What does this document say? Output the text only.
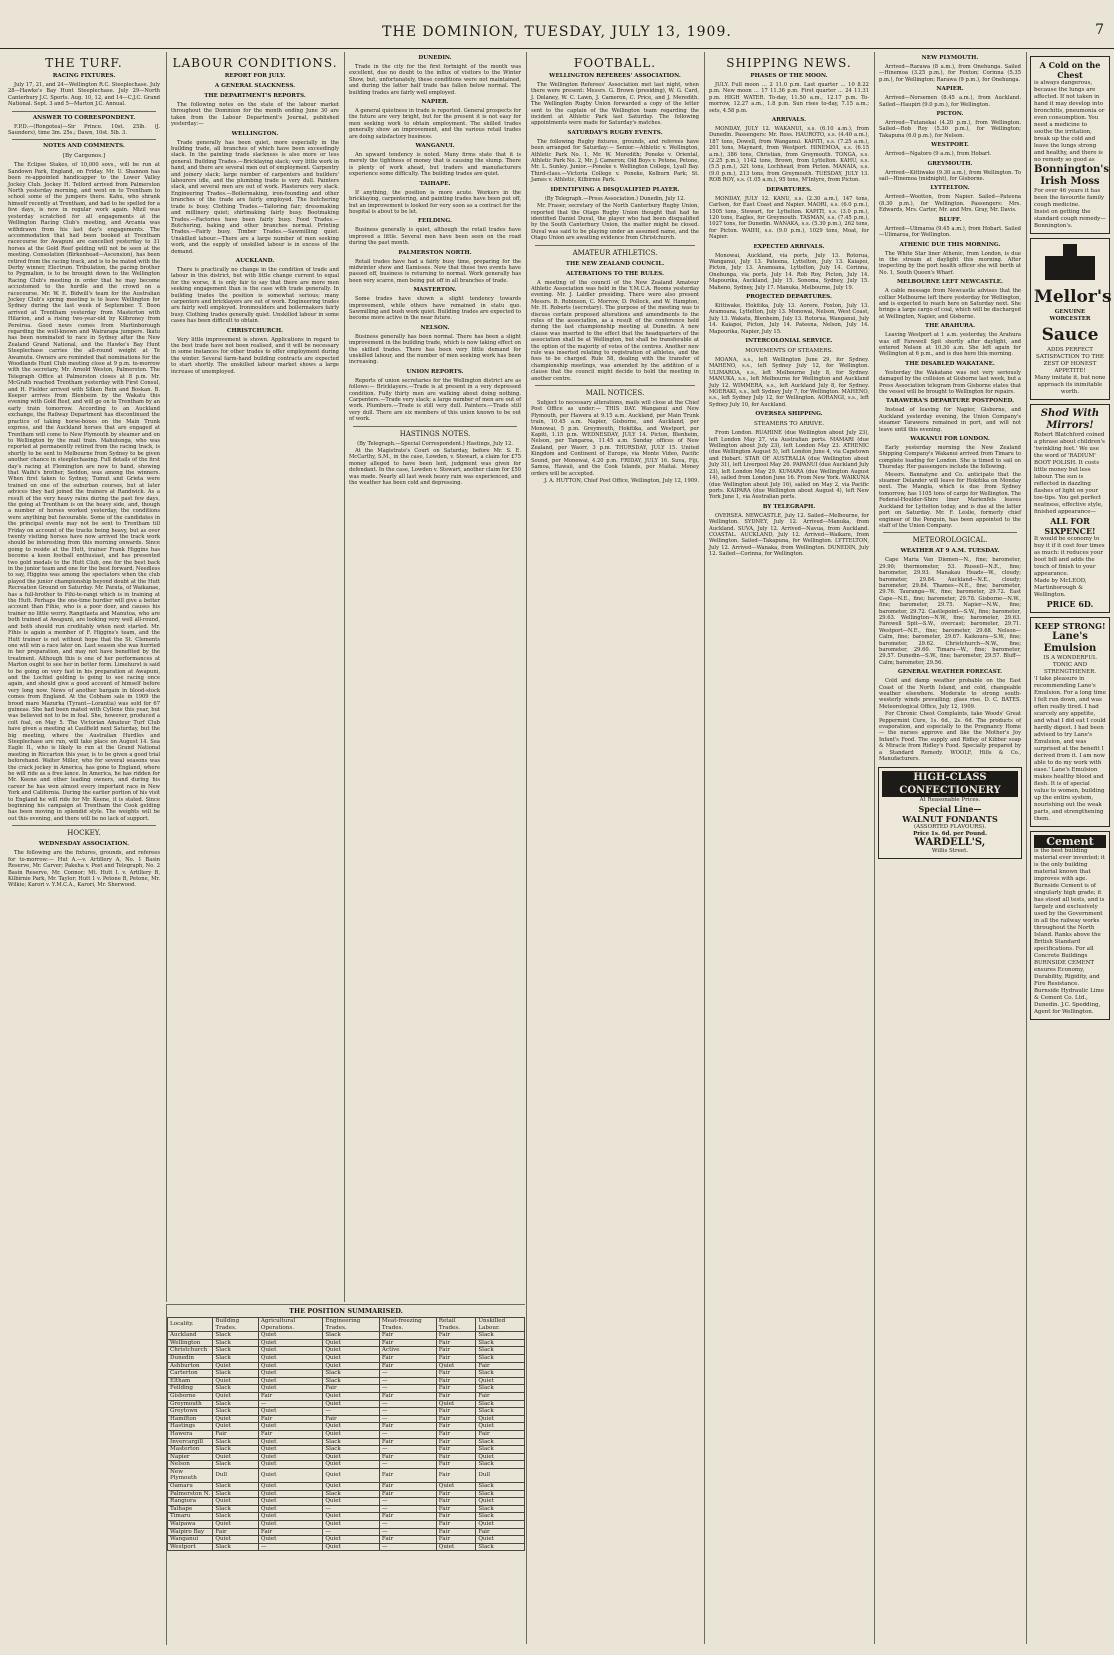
THE DOMINION, TUESDAY, JULY 13, 1909.	7
THE TURF.
RACING FIXTURES.
July 17, 21, and 24—Wellington R.C. Steeplechase. July 28—Hawke's Bay Hunt Steeplechase. July 29—North Canterbury J.C. Sports. Aug. 10, 12, and 14—C.J.C. Grand National. Sept. 3 and 5—Marton J.C. Annual.
ANSWER TO CORRESPONDENT.
F.P.D.—(Rongotea)—Sir Prince. 10st. 25lb. (J. Saunders), time 3m. 25s.; Dawn, 10st. 5lb. 3.
NOTES AND COMMENTS.
[By Cargonos.]
The Eclipse Stakes, of 10,000 sovs., will be run at Sandown Park, England, on Friday. Mr. U. Shannon has been re-appointed handicapper to the Lower Valley Jockey Club. Jockey H. Telford arrived from Palmerston North yesterday morning, and went on to Trentham to school some of the jumpers there. Kahu, who shrank himself recently at Trentham, and had to be spelled for a few days, is now in regular work again. Mizil was yesterday scratched for all engagements at the Wellington Racing Club's meeting, and Arcania was withdrawn from his last day's engagements. The accommodation that had been booked at Trentham racecourse for Awapuni are cancelled yesterday to 31 horses at the Gold Reef gelding will not be seen at the meeting. Consolation (Birkenhead—Ascension), has been retired from the racing track, and is to be mated with the Derby winner, Electrum. Tribulation, the pacing brother to Pygmalion, is to be brought down to the Wellington Racing Club's meeting in order that he may become accustomed to the hurdle and the crowd on a racecourse. Mr. W. E. Bidwill's team for the Australian Jockey Club's spring meeting is to leave Wellington for Sydney during the last week of September. T. Boon arrived at Trentham yesterday from Masterton with Hilarion, and a rising two-year-old by Kilbroney from Pereiroa. Good news comes from Martinborough regarding the well-known and Wairarapa jumpers. Ikatu has been nominated to race in Sydney after the New Zealand Grand National, and the Hawke's Bay Hunt Steeplechase carries the all-round weight at Te Awamutu. Owners are reminded that nominations for the Woodlands Hunt Club meeting close at 9 p.m. to-morrow with the secretary, Mr. Arnold Weston, Palmerston. The Telegraph Office at Palmerston closes at 8 p.m. Mr. McGrath reached Trentham yesterday with First Consul, and H. Fielder arrived with Silken Rein and Boskan. B. Keeper arrives from Blenheim by the Wakatu this evening with Gold Reef, and will go on to Trentham by an early train tomorrow. According to an Auckland exchange, the Railway Department has discontinued the practice of taking horse-boxes on the Main Trunk express, and the Auckland horses that are engaged at Trentham will come to New Plymouth by steamer and on to Wellington by the mail train. Mahutonga, who was reported at permanently retired from the racing track, is shortly to be sent to Melbourne from Sydney to be given another chance in steeplechasing. Full details of the first day's racing at Flemington are now to hand, showing that Waihi's brother, Seddon, was among the winners. When first taken to Sydney, Tumut and Grieta were trained on one of the suburban courses, but at later advices they had joined the trainers at Randwick. As a result of the very heavy rains during the past few days, the going at Trentham is on the heavy side, and, though a number of horses worked yesterday, the conditions were anything but favourable. Some of the candidates in the principal events may not be sent to Trentham till Friday on account of the tracks being heavy, but as over twenty visiting horses have now arrived the track work should be interesting from this morning onwards. Since going to reside at the Hutt, trainer Frank Higgins has become a keen football enthusiast, and has presented two gold medals to the Hutt Club, one for the best back in the junior team and one for the best forward. Needless to say, Higgins was among the spectators when the club played the junior championship beyond doubt at the Hutt Recreation Ground on Saturday. Mr. Parata, of Waikanae, has a full-brother to Fihi-te-rangi which is in training at the Hutt. Perhaps the one-time hurdler will give a better account than Fihie, who is a poor doer, and causes his trainer no little worry. Rangitaeta and Manutoa, who are both trained at Awapuni, are looking very well all-round, and both should run creditably when next started. Mr. Fihis is again a member of F. Higgins's team, and the Hutt trainer is not without hope that the St. Clements one will win a race later on. Last season she was hurried in her preparation, and may not have benefited by the treatment. Although this is one of her performances at Marton ought to see her in better form. Limehurst is said to be going on very fast in his preparation at Awapuni, and the Lochiel gelding is going to see racing once again, and should give a good account of himself before very long now. News of another bargain in blood-stock comes from England. At the Cobham sale in 1909 the brood mare Mazurka (Tyrant—Lorantia) was sold for 67 guineas. She had been mated with Cyllene this year, but was believed not to be in foal. She, however, produced a colt foal, on May 5. The Victorian Amateur Turf Club have given a meeting at Caulfield next Saturday, but the big meeting, where the Australian Hurdles and Steeplechase are run, will take place on August 14. Sea Eagle II., who is likely to run at the Grand National meeting in Riccarton this year, is to be given a good trial beforehand. Walter Miller, who for several seasons was the crack jockey in America, has gone to England, where he will ride as a free lance. In America, he has ridden for Mr. Keene and other leading owners, and during his career he has won almost every important race in New York and California. During the earlier portion of his visit to England he will ride for Mr. Keene, it is stated. Since beginning his campaign at Trentham the Cook gelding has been moving in splendid style. The weights will be out this evening, and there will be no lack of support.
HOCKEY.
WEDNESDAY ASSOCIATION.
The following are the fixtures, grounds, and referees for to-morrow:— Hut A.—v. Artillery A, No. 1 Basin Reserve, Mr. Carver; Pakeha v. Post and Telegraph, No. 2 Basin Reserve, Mr. Connor; Mt. Hutt I. v. Artillery B, Kilbirnie Park, Mr. Taylor; Hutt 1 v. Petone B, Petone, Mr. Wilkie; Karori v. Y.M.C.A., Karori, Mr. Sherwood.
LABOUR CONDITIONS.
REPORT FOR JULY.
A GENERAL SLACKNESS.
THE DEPARTMENT'S REPORTS.
The following notes on the state of the labour market throughout the Dominion for the month ending June 30 are taken from the Labour Department's Journal, published yesterday:—
WELLINGTON.
Trade generally has been quiet, more especially in the building trade, all branches of which have been exceedingly slack. In the painting trade slackness is also more or less general. Building Trades.—Bricklaying slack; very little work in hand, and there are several men out of employment. Carpentry and joinery slack; large number of carpenters and builders' labourers idle, and the plumbing trade is very dull. Painters slack, and several men are out of work. Plasterers very slack. Engineering Trades.—Boilermaking, iron-founding and other branches of the trade are fairly employed. The butchering trade is busy. Clothing Trades.—Tailoring fair; dressmaking and millinery quiet; shirtmaking fairly busy. Bootmaking Trades.—Factories have been fairly busy. Food Trades.—Butchering, baking and other branches normal. Printing Trades.—Fairly busy. Timber Trades.—Sawmilling quiet. Unskilled labour.—There are a large number of men seeking work, and the supply of unskilled labour is in excess of the demand.
AUCKLAND.
There is practically no change in the condition of trade and labour in this district, but with little change current to equal for the worse, it is only fair to say that there are more men seeking engagement than is the case with trade generally. In building trades the position is somewhat serious; many carpenters and bricklayers are out of work. Engineering trades are fairly well employed. Ironmoulders and boilermakers fairly busy. Clothing trades generally quiet. Unskilled labour in some cases has been difficult to obtain.
CHRISTCHURCH.
Very little improvement is shown. Applications in regard to the best trade have not been realised, and it will be necessary in some instances for other trades to offer employment during the winter. Several farm-hand building contracts are expected to start shortly. The unskilled labour market shows a large increase of unemployed.
DUNEDIN.
Trade in the city for the first fortnight of the month was excellent, due no doubt to the influx of visitors to the Winter Show, but, unfortunately, these conditions were not maintained, and during the latter half trade has fallen below normal. The building trades are fairly well employed.
NAPIER.
A general quietness in trade is reported. General prospects for the future are very bright, but for the present it is not easy for men seeking work to obtain employment. The skilled trades generally show an improvement, and the various retail trades are doing satisfactory business.
WANGANUI.
An upward tendency is noted. Many firms state that it is merely the tightness of money that is causing the slump. There is plenty of work ahead, but traders and manufacturers experience some difficulty. The building trades are quiet.
TAIHAPE.
If anything, the position is more acute. Workers in the bricklaying, carpentering, and painting trades have been put off, but an improvement is looked for very soon as a contract for the hospital is about to be let.
FEILDING.
Business generally is quiet, although the retail trades have improved a little. Several men have been seen on the road during the past month.
PALMERSTON NORTH.
Retail trades have had a fairly busy time, preparing for the midwinter show and Ilamisses. Now that these two events have passed off, business is returning to normal. Work generally has been very scarce, men being put off in all branches of trade.
MASTERTON.
Some trades have shown a slight tendency towards improvement, while others have remained in statu quo. Sawmilling and bush work quiet. Building trades are expected to become more active in the near future.
NELSON.
Business generally has been normal. There has been a slight improvement in the building trade, which is now taking effect on the skilled trades. There has been very little demand for unskilled labour, and the number of men seeking work has been increasing.
UNION REPORTS.
Reports of union secretaries for the Wellington district are as follows:— Bricklayers.—Trade is at present in a very depressed condition. Fully thirty men are walking about doing nothing. Carpenters.—Trade very slack; a large number of men are out of work. Plumbers.—Trade is still very dull. Painters.—Trade still very dull. There are six members of this union known to be out of work.
HASTINGS NOTES.
(By Telegraph.—Special Correspondent.) Hastings, July 12.
At the Magistrate's Court on Saturday, before Mr. S. E. McCarthy, S.M., in the case, Lowden, v. Stewart, a claim for £75 money alleged to have been lent, judgment was given for defendant. In the case, Lowden v. Stewart, another claim for £50 was made. Nearly all last week heavy rain was experienced, and the weather has been cold and depressing.
THE POSITION SUMMARISED.
Locality.	Building Trades.	Agricultural Operations.	Engineering Trades.	Meat-freezing Trades.	Retail Trades.	Unskilled Labour.
Auckland	Slack	Quiet	Slack	Fair	Fair	Slack
Wellington	Slack	Quiet	Quiet	Fair	Fair	Slack
Christchurch	Slack	Quiet	Quiet	Active	Fair	Slack
Dunedin	Slack	Quiet	Quiet	Fair	Fair	Slack
Ashburton	Quiet	Quiet	Quiet	Fair	Quiet	Fair
Carterton	Slack	Quiet	Slack	—	Fair	Slack
Eltham	Quiet	Quiet	Slack	—	Fair	Quiet
Feilding	Slack	Quiet	Fair	—	Fair	Slack
Gisborne	Quiet	Fair	Quiet	Fair	Fair	Fair
Greymouth	Slack	—	Quiet	—	Quiet	Slack
Greytown	Slack	Quiet	—	—	Fair	Slack
Hamilton	Quiet	Fair	Fair	—	Fair	Quiet
Hastings	Quiet	Quiet	Quiet	Fair	Fair	Quiet
Hawera	Fair	Fair	Quiet	—	Fair	Fair
Invercargill	Slack	Quiet	Slack	Fair	Fair	Slack
Masterton	Slack	Quiet	Slack	—	Fair	Slack
Napier	Quiet	Quiet	Quiet	Fair	Fair	Quiet
Nelson	Slack	Quiet	Quiet	—	Fair	Slack
New Plymouth	Dull	Quiet	Quiet	Fair	Fair	Dull
Oamaru	Slack	Quiet	Quiet	Fair	Quiet	Slack
Palmerston N.	Slack	Quiet	Slack	Fair	Fair	Slack
Rangiora	Quiet	Quiet	Quiet	—	Fair	Quiet
Taihape	Slack	Quiet	—	—	Fair	Slack
Timaru	Slack	Quiet	Quiet	Fair	Fair	Slack
Waipawa	Quiet	Quiet	Quiet	—	Fair	Quiet
Waipiro Bay	Fair	Fair	—	—	Fair	Fair
Wanganui	Quiet	Quiet	Quiet	Fair	Fair	Quiet
Westport	Slack	—	Quiet	—	Quiet	Slack
FOOTBALL.
WELLINGTON REFEREES' ASSOCIATION.
The Wellington Referees' Association met last night, when there were present: Messrs. G. Brown (presiding), W. G. Card, J. Delaney, W. C. Lawn, J. Cameron, C. Price, and J. Meredith. The Wellington Rugby Union forwarded a copy of the letter sent to the captain of the Wellington team regarding the incident at Athletic Park last Saturday. The following appointments were made for Saturday's matches.
SATURDAY'S RUGBY EVENTS.
The following Rugby fixtures, grounds, and referees have been arranged for Saturday:— Senior.—Athletic v. Wellington, Athletic Park No. 1, Mr. W. Meredith; Poneke v. Oriental, Athletic Park No. 2, Mr. J. Cameron; Old Boys v. Petone, Petone, Mr. L. Sunley. Junior.—Poneke v. Wellington College, Lyall Bay. Third-class.—Victoria College v. Poneke, Kelburn Park; St. James v. Athletic, Kilbirnie Park.
IDENTIFYING A DISQUALIFIED PLAYER.
(By Telegraph.—Press Association.) Dunedin, July 12.
Mr. Fraser, secretary of the North Canterbury Rugby Union, reported that the Otago Rugby Union thought that had he identified Daniel Duval, the player who had been disqualified by the South Canterbury Union, the matter might be closed. Duval was said to be playing under an assumed name, and the Otago Union are awaiting evidence from Christchurch.
AMATEUR ATHLETICS.
THE NEW ZEALAND COUNCIL.
ALTERATIONS TO THE RULES.
A meeting of the council of the New Zealand Amateur Athletic Association was held in the Y.M.C.A. Rooms yesterday evening. Mr. J. Laidler presiding. There were also present Messrs. B. Robinson, C. Morrow, D. Pollock, and W. Hampton, Mr. H. Roberts (secretary). The purpose of the meeting was to discuss certain proposed alterations and amendments to the rules of the association, as a result of the conference held during the last championship meeting at Dunedin. A new clause was inserted to the effect that the headquarters of the association shall be at Wellington, but shall be transferable at the option of the majority of votes of the centres. Another new rule was inserted relating to registration of athletes, and the fees to be charged. Rule 58, dealing with the transfer of championship meetings, was amended by the addition of a clause that the council might decide to hold the meeting in another centre.
MAIL NOTICES.
Subject to necessary alterations, mails will close at the Chief Post Office as under:— THIS DAY. Wanganui and New Plymouth, per Hawera at 9.15 a.m. Auckland, per Main Trunk train, 10.45 a.m. Napier, Gisborne, and Auckland, per Monowai, 5 p.m. Greymouth, Hokitika, and Westport, per Kapiti, 1.15 p.m. WEDNESDAY, JULY 14. Picton, Blenheim, Nelson, per Tangaroa, 11.45 a.m. Sunday offices of New Zealand, per Waorr, 3 p.m. THURSDAY, JULY 15. United Kingdom and Continent of Europe, via Monte Video, Pacific Sound, per Monowai, 4.20 p.m. FRIDAY, JULY 16. Suva, Fiji, Samoa, Hawaii, and the Cook Islands, per Maitai. Money orders will be accepted.
J. A. HUTTON, Chief Post Office, Wellington, July 12, 1909.
SHIPPING NEWS.
PHASES OF THE MOON.
JULY. Full moon ... 2 11.0 p.m. Last quarter ... 10 8.22 p.m. New moon ... 17 11.36 p.m. First quarter ... 24 11.31 p.m. HIGH WATER. To-day, 11.50 a.m., 12.17 p.m. To-morrow, 12.27 a.m., 1.8 p.m. Sun rises to-day, 7.15 a.m.; sets, 4.58 p.m.
ARRIVALS.
MONDAY, JULY 12. WAKANUI, s.s. (6.10 a.m.), from Dunedin. Passengers: Mr. Ross. HAUROTO, s.s. (4.40 a.m.), 187 tons, Dowell, from Wanganui. KAPITI, s.s. (7.25 a.m.), 201 tons, Maynard, from Westport. HINEMOA, s.s. (6.15 a.m.), 386 tons, Christian, from Greymouth. TONGA, s.s. (2.25 p.m.), 1142 tons, Brown, from Lyttelton. KAHU, s.s. (5.5 p.m.), 321 tons, Lochhead, from Picton. MANAIA, s.s. (9.0 p.m.), 213 tons, from Greymouth. TUESDAY, JULY 13. ROB ROY, s.s. (1.05 a.m.), 95 tons, M'Intyre, from Picton.
DEPARTURES.
MONDAY, JULY 12. KANU, s.s. (2.30 a.m.), 147 tons, Carlson, for East Coast and Napier. MAORI, s.s. (6.0 p.m.), 1505 tons, Stewart, for Lyttelton. KAPITI, s.s. (3.0 p.m.), 120 tons, Eagles, for Greymouth. TASMAN, s.s. (7.45 p.m.), 1027 tons, for Dunedin. WANAKA, s.s. (5.30 p.m.), 262 tons, for Picton. WAIHI, s.s. (9.0 p.m.), 1029 tons, Moat, for Napier.
EXPECTED ARRIVALS.
Monowai, Auckland, via ports, July 13. Rotorua, Wanganui, July 13. Pateena, Lyttelton, July 13. Kaiapoi, Picton, July 13. Aramoana, Lyttelton, July 14. Corinna, Onehunga, via ports, July 14. Rob Roy, Picton, July 14. Mapourika, Auckland, July 15. Sonoma, Sydney, July 15. Maheno, Sydney, July 17. Manuka, Melbourne, July 19.
PROJECTED DEPARTURES.
Kittiwake, Hokitika, July 13. Aorere, Foxton, July 13. Aramoana, Lyttelton, July 13. Monowai, Nelson, West Coast, July 13. Wakatu, Blenheim, July 13. Rotorua, Wanganui, July 14. Kaiapoi, Picton, July 14. Pateena, Nelson, July 14. Mapourika, Napier, July 15.
INTERCOLONIAL SERVICE.
MOVEMENTS OF STEAMERS.
MOANA, s.s., left Wellington June 29, for Sydney. MAHENO, s.s., left Sydney July 12, for Wellington. ULIMAROA, s.s., left Melbourne July 8, for Sydney. MANUKA, s.s., left Melbourne for Wellington and Auckland July 12. WIMMERA, s.s., left Auckland July 8, for Sydney. MOERAKI, s.s., left Sydney July 7, for Wellington. MAHENO, s.s., left Sydney July 12, for Wellington. AORANGI, s.s., left Sydney July 10, for Auckland.
OVERSEA SHIPPING.
STEAMERS TO ARRIVE.
From London. RUAHINE (due Wellington about July 23), left London May 27, via Australian ports. MAMARI (due Wellington about July 23), left London May 23. ATHENIC (due Wellington August 5), left London June 4, via Capetown and Hobart. STAR OF AUSTRALIA (due Wellington about July 31), left Liverpool May 26. PAPANUI (due Auckland July 23), left London May 29. KUMARA (due Wellington August 14), sailed from London June 16. From New York. WAIKUNA (due Wellington about July 16), sailed on May 2, via Pacific ports. KAIPARA (due Wellington about August 4), left New York June 1, via Australian ports.
BY TELEGRAPH.
OVERSEA. NEWCASTLE, July 12. Sailed—Melbourne, for Wellington. SYDNEY, July 12. Arrived—Manuka, from Auckland. SUVA, July 12. Arrived—Navua, from Auckland. COASTAL. AUCKLAND, July 12. Arrived—Waikare, from Wellington. Sailed—Takapuna, for Wellington. LYTTELTON, July 12. Arrived—Wanaka, from Wellington. DUNEDIN, July 12. Sailed—Corinna, for Wellington.
NEW PLYMOUTH.
Arrived—Rarawa (8 a.m.), from Onehunga. Sailed—Hinemoa (3.25 p.m.), for Foxton; Corinna (5.35 p.m.), for Wellington; Rarawa (9 p.m.), for Onehunga.
NAPIER.
Arrived—Norsemen (8.45 a.m.), from Auckland. Sailed—Haupiri (9.0 p.m.), for Wellington.
PICTON.
Arrived—Tutanekai (4.20 p.m.), from Wellington. Sailed—Rob Roy (5.30 p.m.), for Wellington; Takapuna (6.0 p.m.), for Nelson.
WESTPORT.
Arrived—Ngatoro (9 a.m.), from Hobart.
GREYMOUTH.
Arrived—Kittiwake (9.30 a.m.), from Wellington. To sail—Hinemoa (midnight), for Gisborne.
LYTTELTON.
Arrived—Wootton, from Napier. Sailed—Pateena (8.30 p.m.), for Wellington. Passengers: Mrs. Edwards, Mrs. Carter, Mr. and Mrs. Gray, Mr. Davis.
BLUFF.
Arrived—Ulimaroa (9.45 a.m.), from Hobart. Sailed—Ulimaroa, for Wellington.
ATHENIC DUE THIS MORNING.
The White Star liner Athenic, from London, is due in the stream at daylight this morning. After inspecting by the port health officer she will berth at No. 1, South Queen's Wharf.
MELBOURNE LEFT NEWCASTLE.
A cable message from Newcastle advises that the collier Melbourne left there yesterday for Wellington, and is expected to reach here on Saturday next. She brings a large cargo of coal, which will be discharged at Wellington, Napier, and Gisborne.
THE ARAHURA.
Leaving Westport at 1 a.m. yesterday, the Arahura was off Farewell Spit shortly after daylight, and entered Nelson at 10.30 a.m. She left again for Wellington at 6 p.m., and is due here this morning.
THE DISABLED WAKATANE.
Yesterday the Wakatane was not very seriously damaged by the collision at Gisborne last week, but a Press Association telegram from Gisborne states that the vessel will be brought to Wellington for repairs.
TARAWERA'S DEPARTURE POSTPONED.
Instead of leaving for Napier, Gisborne, and Auckland yesterday evening, the Union Company's steamer Tarawera remained in port, and will not leave until this evening.
WAKANUI FOR LONDON.
Early yesterday morning the New Zealand Shipping Company's Wakanui arrived from Timaru to complete loading for London. She is timed to sail on Thursday. Her passengers include the following.
Messrs. Bannatyne and Co. anticipate that the steamer Delander will leave for Hokitika on Monday next. The Mangla, which is due from Sydney tomorrow, has 1105 tons of cargo for Wellington. The Federal-Houlder-Shire liner Marienfels leaves Auckland for Lyttelton today, and is due at the latter port on Saturday. Mr. F. Leslie, formerly chief engineer of the Penguin, has been appointed to the staff of the Union Company.
METEOROLOGICAL.
WEATHER AT 9 A.M. TUESDAY.
Cape Maria Van Diemen—N., fine; barometer, 29.90; thermometer, 53. Russell—N.E., fine; barometer, 29.93. Manakau Heads—W., cloudy; barometer, 29.84. Auckland—N.E., cloudy; barometer, 29.84. Thames—N.E., fine; barometer, 29.76. Tauranga—W., fine; barometer, 29.72. East Cape—N.E., fine; barometer, 29.78. Gisborne—N.W., fine; barometer, 29.75. Napier—N.W., fine; barometer, 29.72. Castlepoint—S.W., fine; barometer, 29.63. Wellington—N.W., fine; barometer, 29.63. Farewell Spit—S.W., overcast; barometer, 29.71. Westport—N.E., fine; barometer, 29.68. Nelson—Calm, fine; barometer, 29.67. Kaikoura—S.W., fine; barometer, 29.62. Christchurch—N.W., fine; barometer, 29.60. Timaru—W., fine; barometer, 29.57. Dunedin—S.W., fine; barometer, 29.57. Bluff—Calm; barometer, 29.56.
GENERAL WEATHER FORECAST.
Cold and damp weather probable on the East Coast of the North Island, and cold, changeable weather elsewhere. Moderate to strong south-westerly winds prevailing; glass rise. D. C. BATES. Meteorological Office, July 12, 1909.
For Chronic Chest Complaints, take Woods' Great Peppermint Cure, 1s. 6d., 2s. 6d. The products of evaporation, and especially to the Pregnancy Home — the nurses approve and like the Mother's Joy Infant's Food. The supply and Ridley of Kibber soap & Miracle from Ridley's Food. Specially prepared by a Standard Remedy. WOOLF, Hills & Co., Manufacturers.
HIGH-CLASS CONFECTIONERY
At Reasonable Prices.
Special Line—
WALNUT FONDANTS
(ASSORTED FLAVOURS).
Price 1s. 6d. per Pound.
WARDELL'S,
Willis Street.
A Cold on the Chest
is always dangerous, because the lungs are affected. If not taken in hand it may develop into bronchitis, pneumonia or even consumption. You need a medicine to soothe the irritation, break up the cold and leave the lungs strong and healthy, and there is no remedy so good as
Bonnington's Irish Moss
For over 46 years it has been the favourite family cough medicine.
Insist on getting the standard cough remedy—Bonnington's.
Mellor's
GENUINE WORCESTER
Sauce
ADDS PERFECT SATISFACTION TO THE ZEST OF HONEST APPETITE!
Many imitate it, but none approach its inimitable worth.
Shod With Mirrors!
Robert Blatchford coined a phrase about children's 'twinkling feet.' We use the word of 'RADIUM' BOOT POLISH. It costs little money but less labour. The sun is reflected in dazzling flashes of light on your toe-tips. You get perfect neatness, effective style, finished appearance—
ALL FOR SIXPENCE!
It would be economy to buy it if it cost four times as much: it reduces your boot bill and adds the touch of finish to your appearance.
Made by McLEOD, Martinborough & Wellington.
PRICE 6D.
KEEP STRONG!
Lane's Emulsion
IS A WONDERFUL TONIC AND STRENGTHENER.
'I take pleasure in recommending Lane's Emulsion. For a long time I felt run down, and was often really tired. I had scarcely any appetite, and what I did eat I could hardly digest. I had been advised to try Lane's Emulsion, and was surprised at the benefit I derived from it. I am now able to do my work with ease.' Lane's Emulsion makes healthy blood and flesh. It is of special value to women, building up the entire system, nourishing out the weak parts, and strengthening them.
Cement
is the best building material ever invented; it is the only building material known that improves with age. Burnside Cement is of singularly high grade; it has stood all tests, and is largely and exclusively used by the Government in all the railway works throughout the North Island. Ranks above the British Standard specifications. For all Concrete Buildings BURNSIDE CEMENT ensures Economy, Durability, Rigidity, and Fire Resistance.
Burnside Hydraulic Lime & Cement Co. Ltd., Dunedin. J.C. Spedding, Agent for Wellington.
